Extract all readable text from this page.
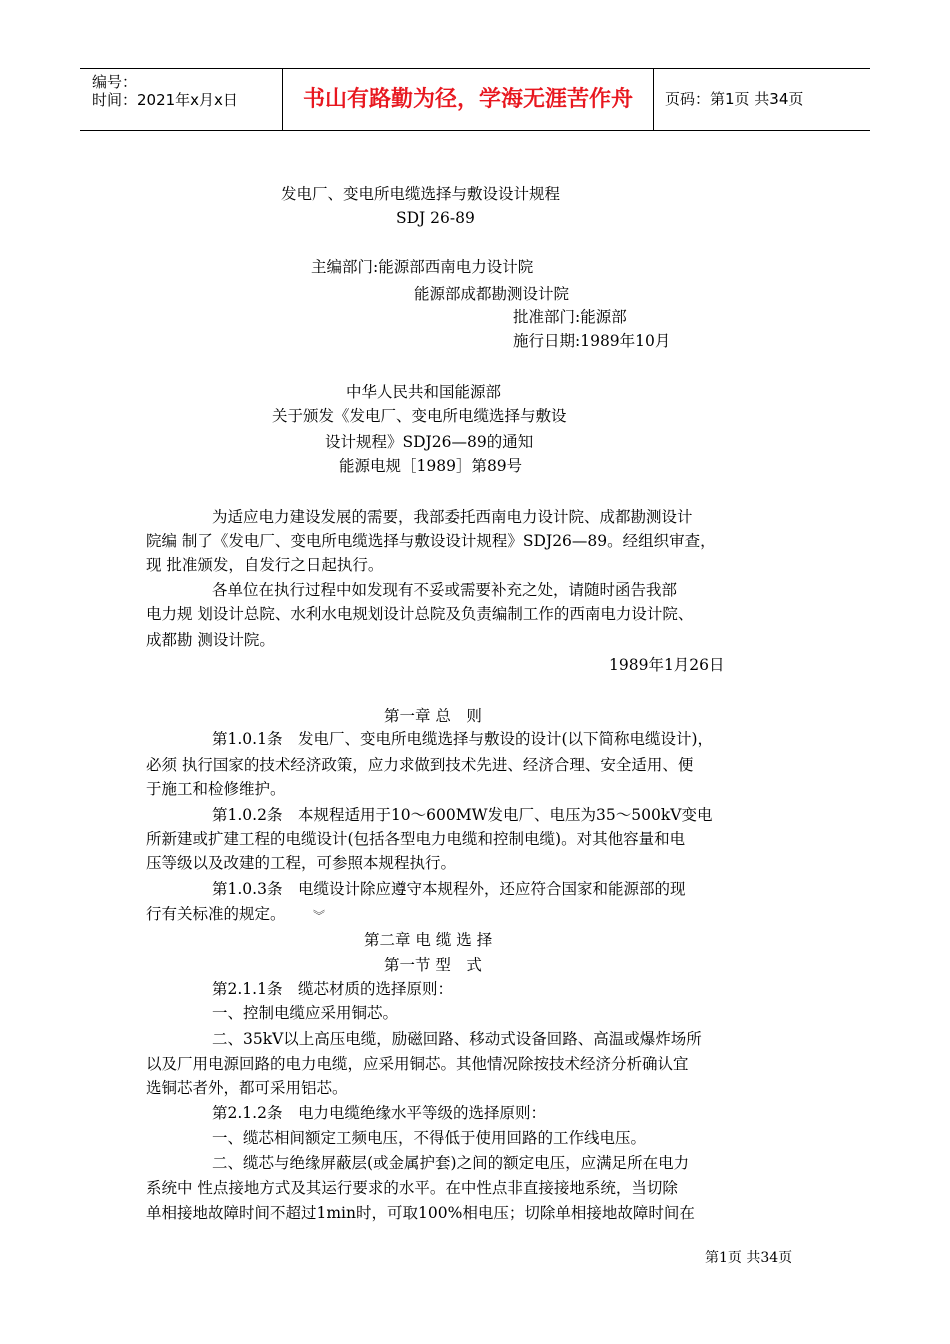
编号：
时间：2021年x月x日	书山有路勤为径，学海无涯苦作舟	页码：第1页 共34页
发电厂、变电所电缆选择与敷设设计规程
SDJ 26-89
主编部门:能源部西南电力设计院
能源部成都勘测设计院
批准部门:能源部
施行日期:1989年10月
中华人民共和国能源部
关于颁发《发电厂、变电所电缆选择与敷设
设计规程》SDJ26—89的通知
能源电规［1989］第89号
为适应电力建设发展的需要，我部委托西南电力设计院、成都勘测设计
院编 制了《发电厂、变电所电缆选择与敷设设计规程》SDJ26—89。经组织审查，
现 批准颁发，自发行之日起执行。
各单位在执行过程中如发现有不妥或需要补充之处，请随时函告我部
电力规 划设计总院、水利水电规划设计总院及负责编制工作的西南电力设计院、
成都勘 测设计院。
1989年1月26日
第一章 总　则
第1.0.1条　发电厂、变电所电缆选择与敷设的设计(以下简称电缆设计)，
必须 执行国家的技术经济政策，应力求做到技术先进、经济合理、安全适用、便
于施工和检修维护。
第1.0.2条　本规程适用于10～600MW发电厂、电压为35～500kV变电
所新建或扩建工程的电缆设计(包括各型电力电缆和控制电缆)。对其他容量和电
压等级以及改建的工程，可参照本规程执行。
第1.0.3条　电缆设计除应遵守本规程外，还应符合国家和能源部的现
行有关标准的规定。 ︾
第二章 电 缆 选 择
第一节 型　式
第2.1.1条　缆芯材质的选择原则：
一、控制电缆应采用铜芯。
二、35kV以上高压电缆，励磁回路、移动式设备回路、高温或爆炸场所
以及厂用电源回路的电力电缆，应采用铜芯。其他情况除按技术经济分析确认宜
选铜芯者外，都可采用铝芯。
第2.1.2条　电力电缆绝缘水平等级的选择原则：
一、缆芯相间额定工频电压，不得低于使用回路的工作线电压。
二、缆芯与绝缘屏蔽层(或金属护套)之间的额定电压，应满足所在电力
系统中 性点接地方式及其运行要求的水平。在中性点非直接接地系统，当切除
单相接地故障时间不超过1min时，可取100%相电压；切除单相接地故障时间在
第1页 共34页
